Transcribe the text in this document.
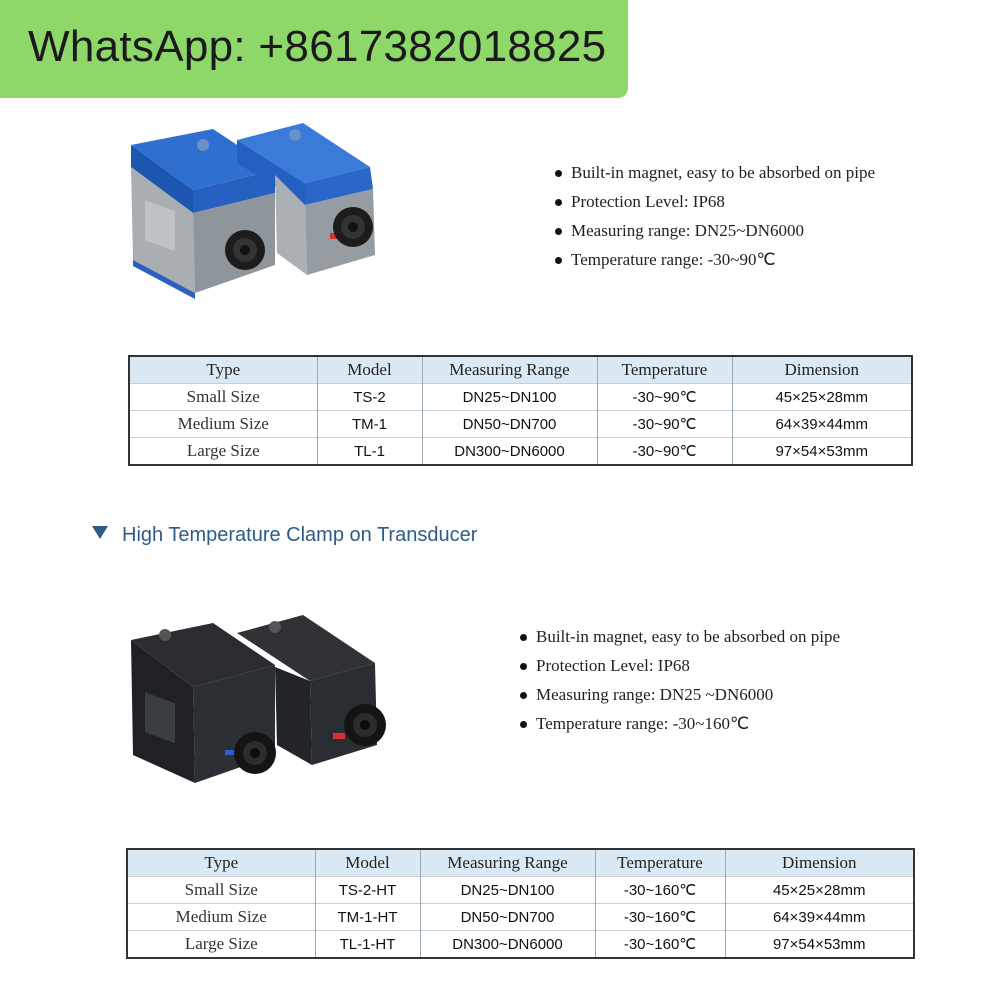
WhatsApp: +8617382018825
Built-in magnet, easy to be absorbed on pipe
Protection Level: IP68
Measuring range: DN25~DN6000
Temperature range: -30~90℃
Type	Model	Measuring Range	Temperature	Dimension
Small Size	TS-2	DN25~DN100	-30~90℃	45×25×28mm
Medium Size	TM-1	DN50~DN700	-30~90℃	64×39×44mm
Large Size	TL-1	DN300~DN6000	-30~90℃	97×54×53mm
High Temperature Clamp on Transducer
Built-in magnet, easy to be absorbed on pipe
Protection Level: IP68
Measuring range: DN25 ~DN6000
Temperature range: -30~160℃
Type	Model	Measuring Range	Temperature	Dimension
Small Size	TS-2-HT	DN25~DN100	-30~160℃	45×25×28mm
Medium Size	TM-1-HT	DN50~DN700	-30~160℃	64×39×44mm
Large Size	TL-1-HT	DN300~DN6000	-30~160℃	97×54×53mm
